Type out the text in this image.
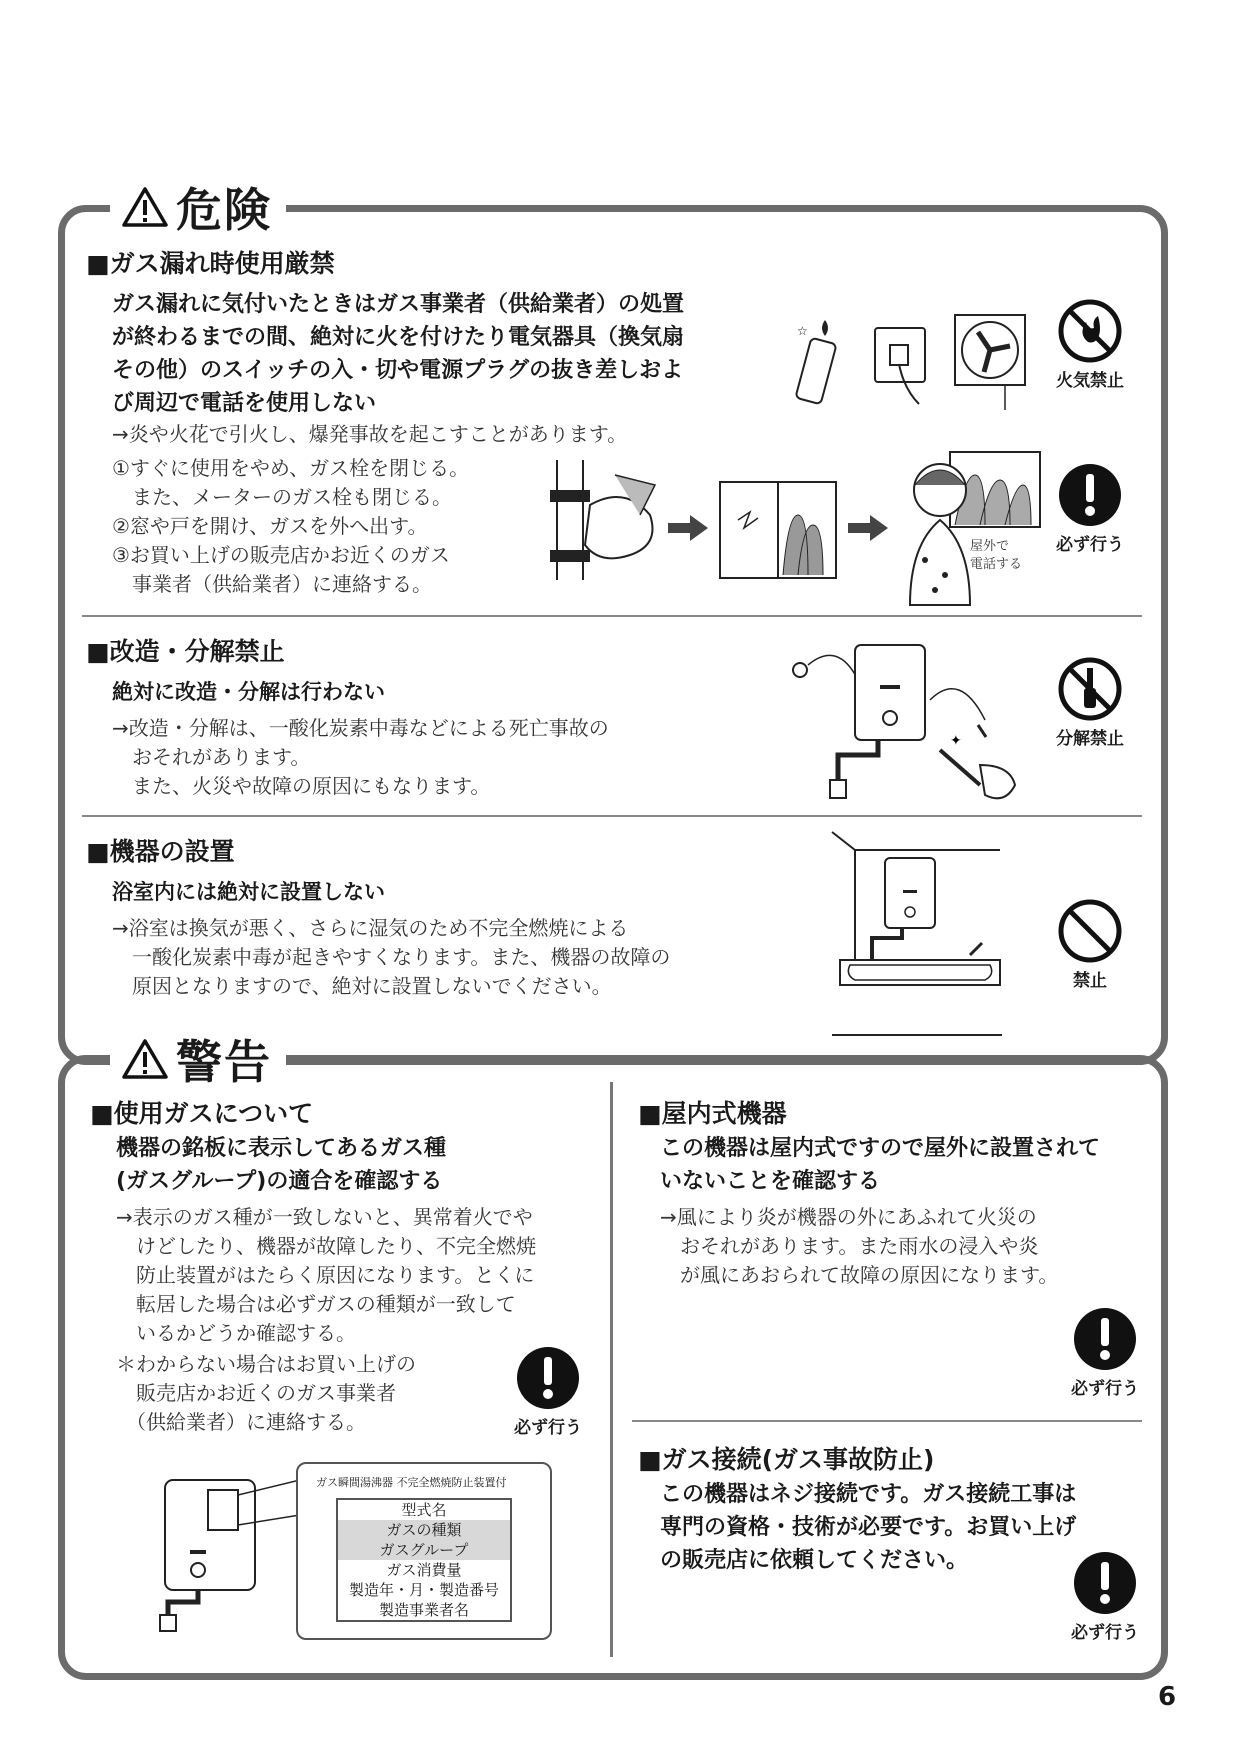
危険
■ガス漏れ時使用厳禁
ガス漏れに気付いたときはガス事業者（供給業者）の処置
が終わるまでの間、絶対に火を付けたり電気器具（換気扇
その他）のスイッチの入・切や電源プラグの抜き差しおよ
び周辺で電話を使用しない
→炎や火花で引火し、爆発事故を起こすことがあります。
①すぐに使用をやめ、ガス栓を閉じる。
　また、メーターのガス栓も閉じる。
②窓や戸を開け、ガスを外へ出す。
③お買い上げの販売店かお近くのガス
　事業者（供給業者）に連絡する。
☆
火気禁止
屋外で
電話する
必ず行う
■改造・分解禁止
絶対に改造・分解は行わない
→改造・分解は、一酸化炭素中毒などによる死亡事故の
　おそれがあります。
　また、火災や故障の原因にもなります。
✦	分解禁止
■機器の設置
浴室内には絶対に設置しない
→浴室は換気が悪く、さらに湿気のため不完全燃焼による
　一酸化炭素中毒が起きやすくなります。また、機器の故障の
　原因となりますので、絶対に設置しないでください。	禁止
警告
■使用ガスについて
機器の銘板に表示してあるガス種
(ガスグループ)の適合を確認する
→表示のガス種が一致しないと、異常着火でや
　けどしたり、機器が故障したり、不完全燃焼
　防止装置がはたらく原因になります。とくに
　転居した場合は必ずガスの種類が一致して
　いるかどうか確認する。
＊わからない場合はお買い上げの
　販売店かお近くのガス事業者
　（供給業者）に連絡する。	必ず行う
ガス瞬間湯沸器 不完全燃焼防止装置付
型式名
ガスの種類
ガスグループ
ガス消費量
製造年・月・製造番号
製造事業者名
■屋内式機器
この機器は屋内式ですので屋外に設置されて
いないことを確認する
→風により炎が機器の外にあふれて火災の
　おそれがあります。また雨水の浸入や炎
　が風にあおられて故障の原因になります。
必ず行う
■ガス接続(ガス事故防止)
この機器はネジ接続です。ガス接続工事は
専門の資格・技術が必要です。お買い上げ
の販売店に依頼してください。
必ず行う
6
